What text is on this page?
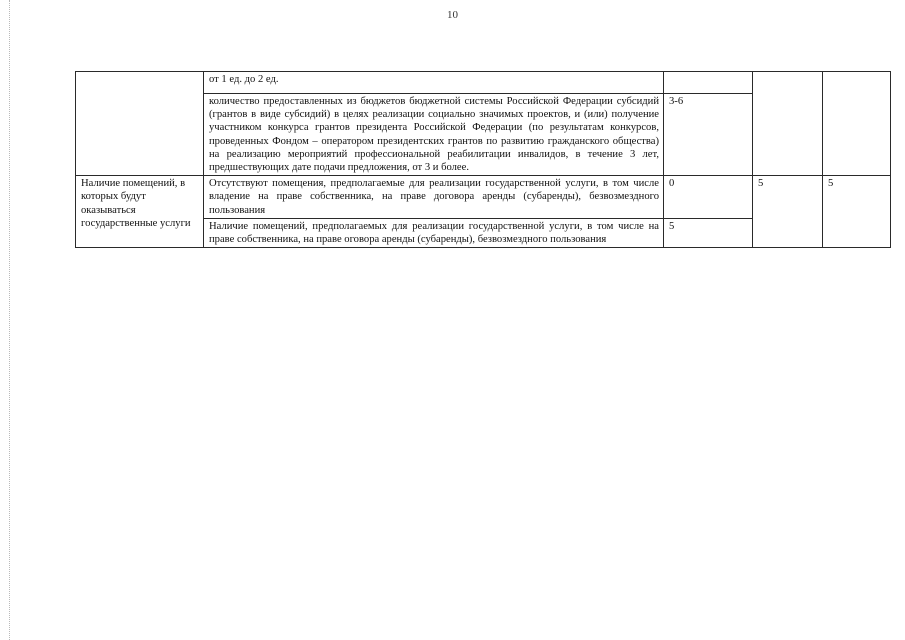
10
	от 1 ед. до 2 ед.			
	количество предоставленных из бюджетов бюджетной системы Российской Федерации субсидий (грантов в виде субсидий) в целях реализации социально значимых проектов, и (или) получение участником конкурса грантов президента Российской Федерации (по результатам конкурсов, проведенных Фондом – оператором президентских грантов по развитию гражданского общества) на реализацию мероприятий профессиональной реабилитации инвалидов, в течение 3 лет, предшествующих дате подачи предложения, от 3 и более.	3-6		
Наличие помещений, в которых будут оказываться государственные услуги	Отсутствуют помещения, предполагаемые для реализации государственной услуги, в том числе владение на праве собственника, на праве договора аренды (субаренды), безвозмездного пользования	0	5	5
	Наличие помещений, предполагаемых для реализации государственной услуги, в том числе на праве собственника, на праве оговора аренды (субаренды), безвозмездного пользования	5		
